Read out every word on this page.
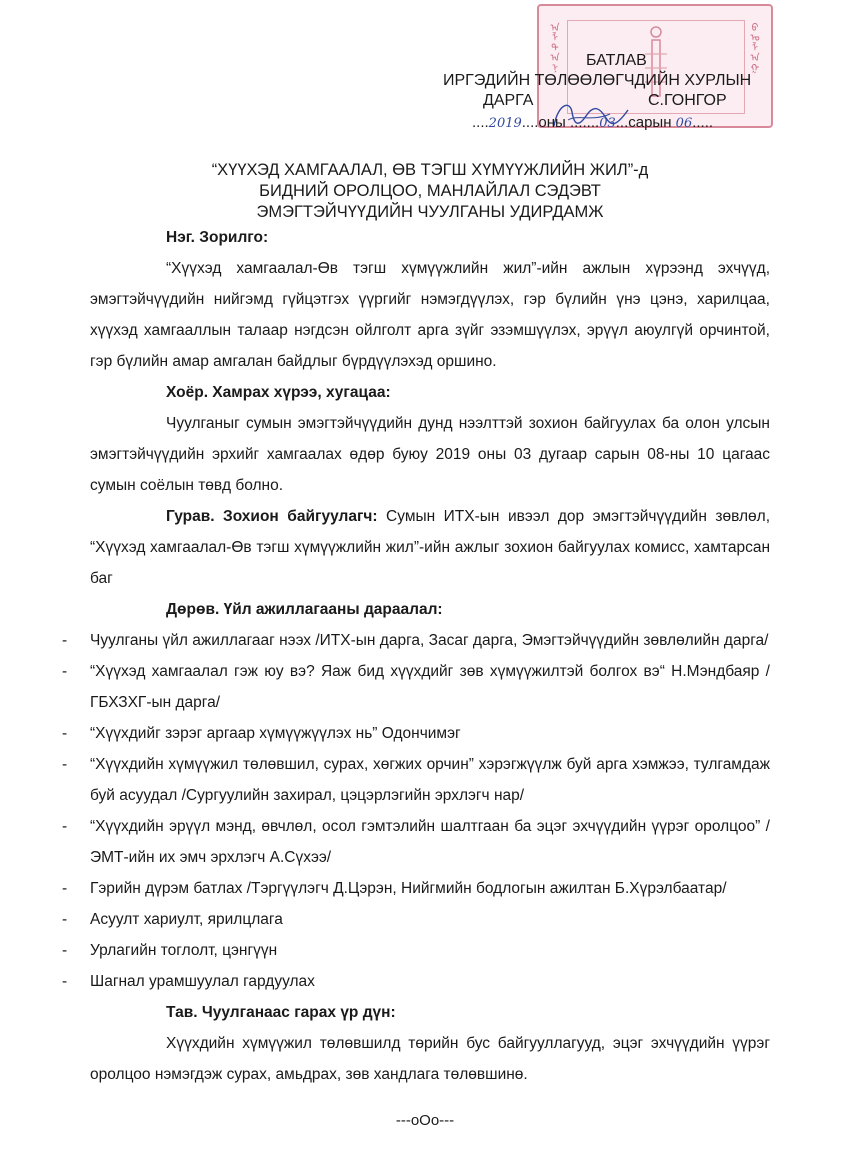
ᠠ
ᠯ
ᠲ
ᠠ
ᠨ
ᠪ
ᠤ
ᠯ
ᠠ
ᠭ
БАТЛАВ
ИРГЭДИЙН ТӨЛӨӨЛӨГЧДИЙН ХУРЛЫН
ДАРГА	С.ГОНГОР
....2019....оны .......03...сарын 06.....
“ХҮҮХЭД ХАМГААЛАЛ, ӨВ ТЭГШ ХҮМҮҮЖЛИЙН ЖИЛ”-д
БИДНИЙ ОРОЛЦОО, МАНЛАЙЛАЛ СЭДЭВТ
ЭМЭГТЭЙЧҮҮДИЙН ЧУУЛГАНЫ УДИРДАМЖ

Нэг. Зорилго:

“Хүүхэд хамгаалал-Өв тэгш хүмүүжлийн жил”-ийн ажлын хүрээнд эхчүүд, эмэгтэйчүүдийн нийгэмд гүйцэтгэх үүргийг нэмэгдүүлэх, гэр бүлийн үнэ цэнэ, харилцаа, хүүхэд хамгааллын талаар нэгдсэн ойлголт арга зүйг эзэмшүүлэх, эрүүл аюулгүй орчинтой, гэр бүлийн амар амгалан байдлыг бүрдүүлэхэд оршино.

Хоёр. Хамрах хүрээ, хугацаа:

Чуулганыг сумын эмэгтэйчүүдийн дунд нээлттэй зохион байгуулах ба олон улсын эмэгтэйчүүдийн эрхийг хамгаалах өдөр буюу 2019 оны 03 дугаар сарын 08-ны 10 цагаас сумын соёлын төвд болно.

Гурав. Зохион байгуулагч: Сумын ИТХ-ын ивээл дор эмэгтэйчүүдийн зөвлөл, “Хүүхэд хамгаалал-Өв тэгш хүмүүжлийн жил”-ийн ажлыг зохион байгуулах комисс, хамтарсан баг

Дөрөв. Үйл ажиллагааны дараалал:

- Чуулганы үйл ажиллагааг нээх /ИТХ-ын дарга, Засаг дарга, Эмэгтэйчүүдийн зөвлөлийн дарга/
- “Хүүхэд хамгаалал гэж юу вэ? Яаж бид хүүхдийг зөв хүмүүжилтэй болгох вэ“ Н.Мэндбаяр /ГБХЗХГ-ын дарга/
- “Хүүхдийг зэрэг аргаар хүмүүжүүлэх нь” Одончимэг
- “Хүүхдийн хүмүүжил төлөвшил, сурах, хөгжих орчин” хэрэгжүүлж буй арга хэмжээ, тулгамдаж буй асуудал /Сургуулийн захирал, цэцэрлэгийн эрхлэгч нар/
- “Хүүхдийн эрүүл мэнд, өвчлөл, осол гэмтэлийн шалтгаан ба эцэг эхчүүдийн үүрэг оролцоо” /ЭМТ-ийн их эмч эрхлэгч А.Сүхээ/
- Гэрийн дүрэм батлах /Тэргүүлэгч Д.Цэрэн, Нийгмийн бодлогын ажилтан Б.Хүрэлбаатар/
- Асуулт хариулт, ярилцлага
- Урлагийн тоглолт, цэнгүүн
- Шагнал урамшуулал гардуулах

Тав. Чуулганаас гарах үр дүн:

Хүүхдийн хүмүүжил төлөвшилд төрийн бус байгууллагууд, эцэг эхчүүдийн үүрэг оролцоо нэмэгдэж сурах, амьдрах, зөв хандлага төлөвшинө.

---oOo---
